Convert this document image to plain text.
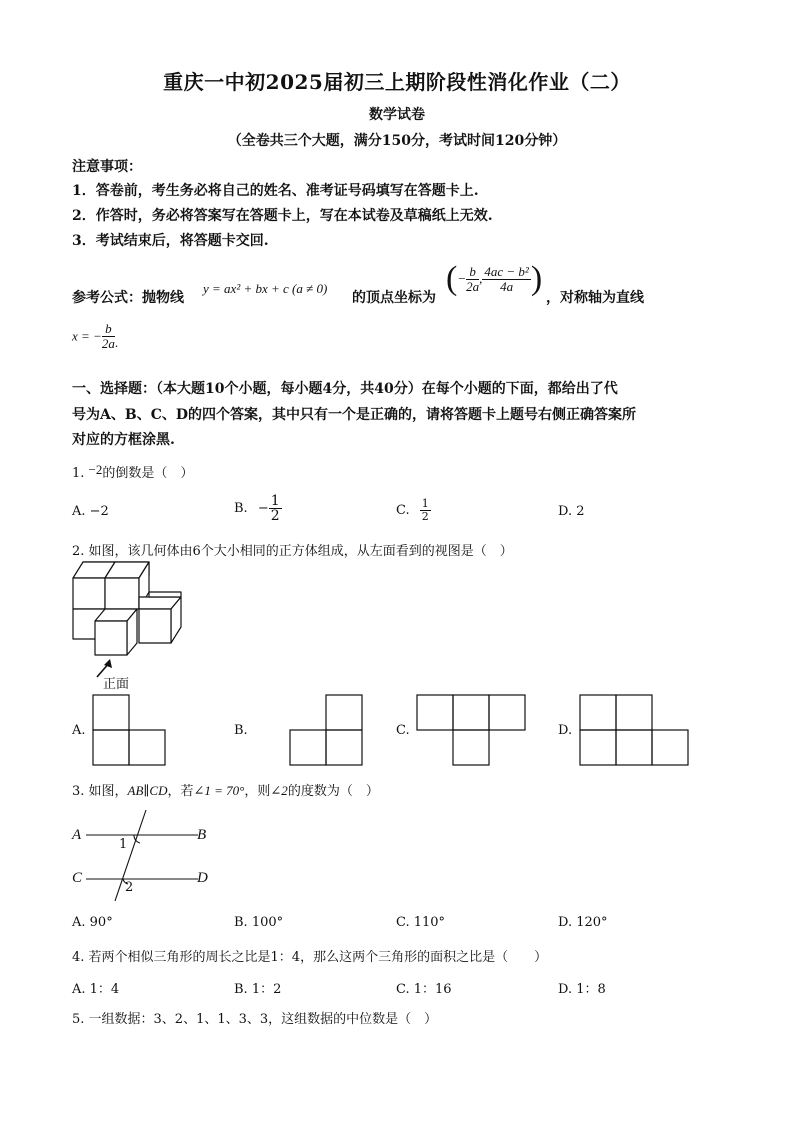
重庆一中初2025届初三上期阶段性消化作业（二）
数学试卷
（全卷共三个大题，满分150分，考试时间120分钟）
注意事项：
1．答卷前，考生务必将自己的姓名、准考证号码填写在答题卡上.
2．作答时，务必将答案写在答题卡上，写在本试卷及草稿纸上无效.
3．考试结束后，将答题卡交回.
参考公式：抛物线
y = ax² + bx + c (a ≠ 0)
的顶点坐标为
(− $\frac{b}{2a}$ , $\frac{\text{4ac − b²}}{4a}$ )
，对称轴为直线
x = − $\frac{b}{2a}$ .
一、选择题：（本大题10个小题，每小题4分，共40分）在每个小题的下面，都给出了代
号为A、B、C、D的四个答案，其中只有一个是正确的，请将答题卡上题号右侧正确答案所
对应的方框涂黑.
1. −2的倒数是（　）
A. −2	B. − $\frac{1}{2}$	C. $\frac{1}{2}$	D. 2
2. 如图，该几何体由6个大小相同的正方体组成，从左面看到的视图是（　）
正面
A.	B.	C.	D.
3. 如图，AB∥CD，若∠1 = 70°，则∠2的度数为（　）
A	B
C	D
1
2
A. 90°	B. 100°	C. 110°	D. 120°
4. 若两个相似三角形的周长之比是1：4，那么这两个三角形的面积之比是（　　）
A. 1：4	B. 1：2	C. 1：16	D. 1：8
5. 一组数据：3、2、1、1、3、3，这组数据的中位数是（　）
